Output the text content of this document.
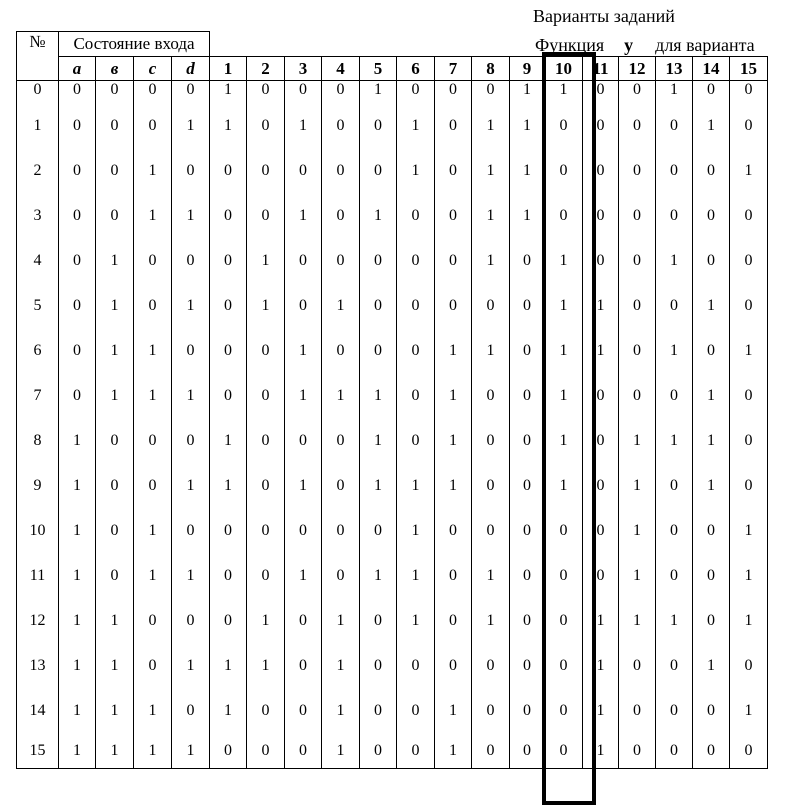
Варианты заданий
Функция у для варианта
№	Состояние входа																		
	a	в	c	d	1	2	3	4	5	6	7	8	9	10	11	12	13	14	15
0	0	0	0	0	1	0	0	0	1	0	0	0	1	1	0	0	1	0	0
1	0	0	0	1	1	0	1	0	0	1	0	1	1	0	0	0	0	1	0
2	0	0	1	0	0	0	0	0	0	1	0	1	1	0	0	0	0	0	1
3	0	0	1	1	0	0	1	0	1	0	0	1	1	0	0	0	0	0	0
4	0	1	0	0	0	1	0	0	0	0	0	1	0	1	0	0	1	0	0
5	0	1	0	1	0	1	0	1	0	0	0	0	0	1	1	0	0	1	0
6	0	1	1	0	0	0	1	0	0	0	1	1	0	1	1	0	1	0	1
7	0	1	1	1	0	0	1	1	1	0	1	0	0	1	0	0	0	1	0
8	1	0	0	0	1	0	0	0	1	0	1	0	0	1	0	1	1	1	0
9	1	0	0	1	1	0	1	0	1	1	1	0	0	1	0	1	0	1	0
10	1	0	1	0	0	0	0	0	0	1	0	0	0	0	0	1	0	0	1
11	1	0	1	1	0	0	1	0	1	1	0	1	0	0	0	1	0	0	1
12	1	1	0	0	0	1	0	1	0	1	0	1	0	0	1	1	1	0	1
13	1	1	0	1	1	1	0	1	0	0	0	0	0	0	1	0	0	1	0
14	1	1	1	0	1	0	0	1	0	0	1	0	0	0	1	0	0	0	1
15	1	1	1	1	0	0	0	1	0	0	1	0	0	0	1	0	0	0	0
